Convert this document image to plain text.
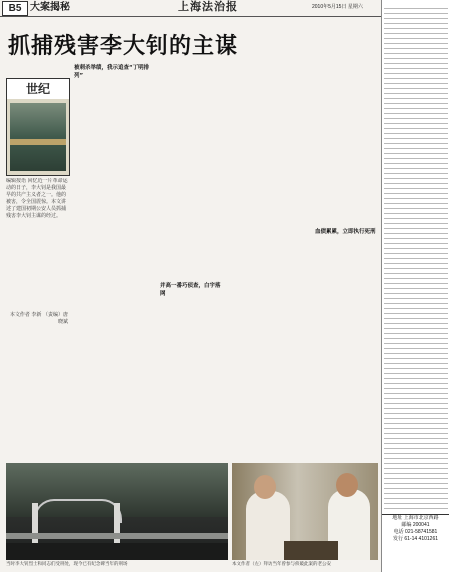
B5 大案揭秘	上海法治报	2010年5月15日 星期六
抓捕残害李大钊的主谋
世纪
编辑按语 回忆近一片革命运动的日子，李大钊是我国最早的共产主义者之一。他的被害，令全国震惊。本文讲述了建国初期公安人员抓捕残害李大钊主谋的经过。
本文作者 李新 （责编）唐晓斌
被刺杀举绩，我示追查“丁明排列”
并高一番巧侦查，白宇落网
血债累累，立即执行死刑
地址 上海市北京西路
邮编 200041
电话 021-58741581
发行 61-14 4101261
当时李大钊烈士和同志们受刑处，现今已有纪念碑当年的刑场	本文作者（左）拜访当年曾参与侦破此案的老公安
